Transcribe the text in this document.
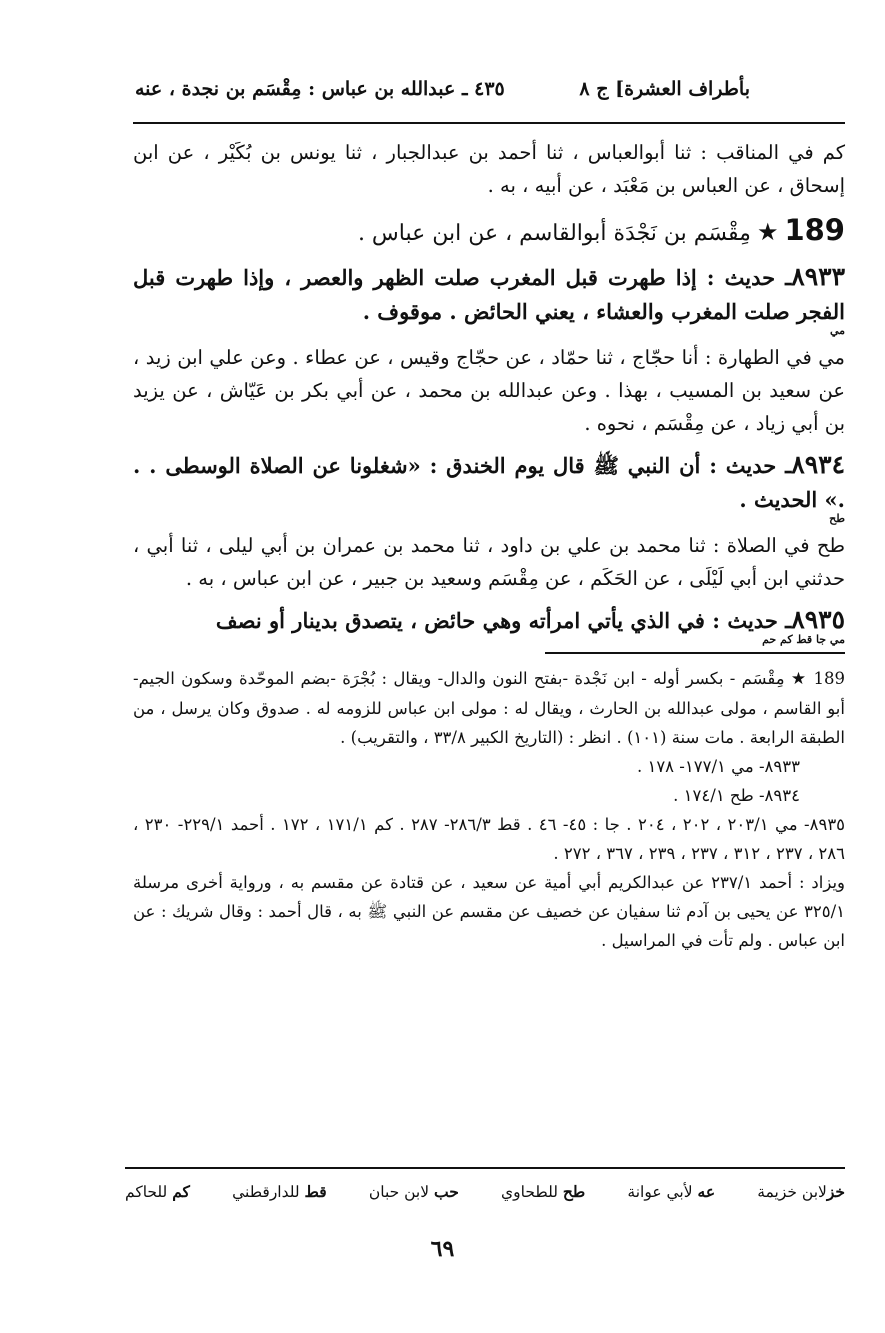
بأطراف العشرة] ج ٨
٤٣٥ ـ عبدالله بن عباس : مِقْسَم بن نجدة ، عنه

كم في المناقب : ثنا أبوالعباس ، ثنا أحمد بن عبدالجبار ، ثنا يونس بن بُكَيْر ، عن ابن إسحاق ، عن العباس بن مَعْبَد ، عن أبيه ، به .

189★مِقْسَم بن نَجْدَة أبوالقاسم ، عن ابن عباس .

٨٩٣٣ـ حديث : إذا طهرت قبل المغرب صلت الظهر والعصر ، وإذا طهرت قبل الفجر صلت المغرب والعشاء ، يعني الحائض . موقوف .

مي

مي في الطهارة : أنا حجّاج ، ثنا حمّاد ، عن حجّاج وقيس ، عن عطاء . وعن علي ابن زيد ، عن سعيد بن المسيب ، بهذا . وعن عبدالله بن محمد ، عن أبي بكر بن عَيّاش ، عن يزيد بن أبي زياد ، عن مِقْسَم ، نحوه .

٨٩٣٤ـ حديث : أن النبي ﷺ قال يوم الخندق : «شغلونا عن الصلاة الوسطى . . .» الحديث .

طح

طح في الصلاة : ثنا محمد بن علي بن داود ، ثنا محمد بن عمران بن أبي ليلى ، ثنا أبي ، حدثني ابن أبي لَيْلَى ، عن الحَكَم ، عن مِقْسَم وسعيد بن جبير ، عن ابن عباس ، به .

٨٩٣٥ـ حديث : في الذي يأتي امرأته وهي حائض ، يتصدق بدينار أو نصف

مي جا قط كم حم

189 ★ مِقْسَم - بكسر أوله - ابن نَجْدة -بفتح النون والدال- ويقال : بُجْرَة -بضم الموحّدة وسكون الجيم- أبو القاسم ، مولى عبدالله بن الحارث ، ويقال له : مولى ابن عباس للزومه له . صدوق وكان يرسل ، من الطبقة الرابعة . مات سنة (١٠١) . انظر : (التاريخ الكبير ٣٣/٨ ، والتقريب) .

٨٩٣٣- مي ١٧٧/١- ١٧٨ .

٨٩٣٤- طح ١٧٤/١ .

٨٩٣٥- مي ٢٠٣/١ ، ٢٠٢ ، ٢٠٤ . جا : ٤٥- ٤٦ . قط ٢٨٦/٣- ٢٨٧ . كم ١٧١/١ ، ١٧٢ . أحمد ٢٢٩/١- ٢٣٠ ، ٢٨٦ ، ٢٣٧ ، ٣١٢ ، ٢٣٧ ، ٢٣٩ ، ٣٦٧ ، ٢٧٢ .

ويزاد : أحمد ٢٣٧/١ عن عبدالكريم أبي أمية عن سعيد ، عن قتادة عن مقسم به ، ورواية أخرى مرسلة ٣٢٥/١ عن يحيى بن آدم ثنا سفيان عن خصيف عن مقسم عن النبي ﷺ به ، قال أحمد : وقال شريك : عن ابن عباس . ولم تأت في المراسيل .

خزلابن خزيمة
عه لأبي عوانة
طح للطحاوي
حب لابن حبان
قط للدارقطني
كم للحاكم
٦٩
